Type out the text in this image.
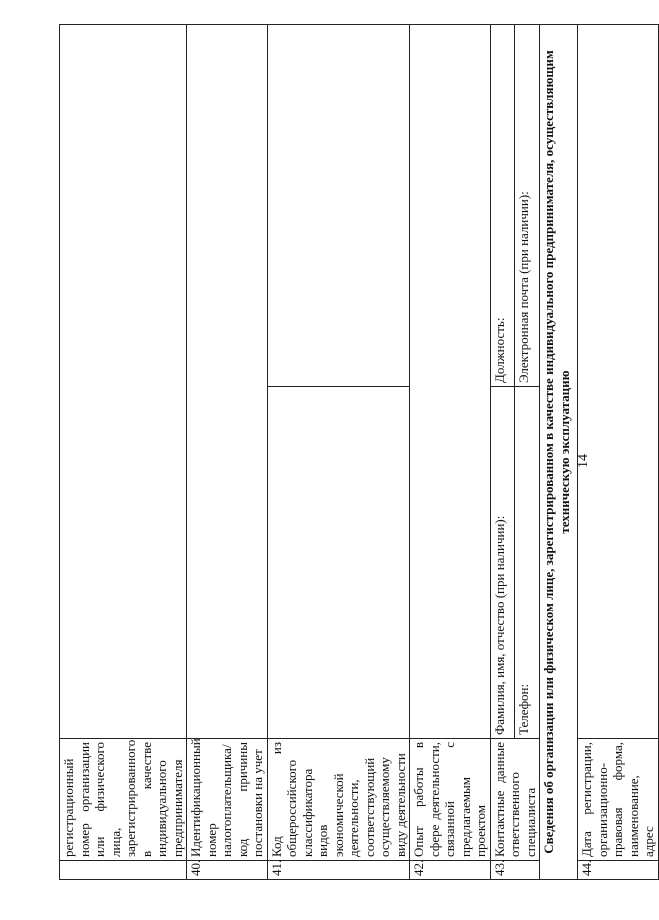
14
	регистрационный номер организации или физического лица, зарегистрированного в качестве индивидуального предпринимателя		
40.	Идентификационный номер налогоплательщика/ код причины постановки на учет		
41.	Код из общероссийского классификатора видов экономической деятельности, соответствующий осуществляемому виду деятельности		
42.	Опыт работы в сфере деятельности, связанной с предлагаемым проектом		
43.	Контактные данные ответственного специалиста	Фамилия, имя, отчество (при наличии):	Должность:
		Телефон:	Электронная почта (при наличии):
Сведения об организации или физическом лице, зарегистрированном в качестве индивидуального предпринимателя, осуществляющим техническую эксплуатацию			
44.	Дата регистрации, организационно-правовая форма, наименование, адрес		
